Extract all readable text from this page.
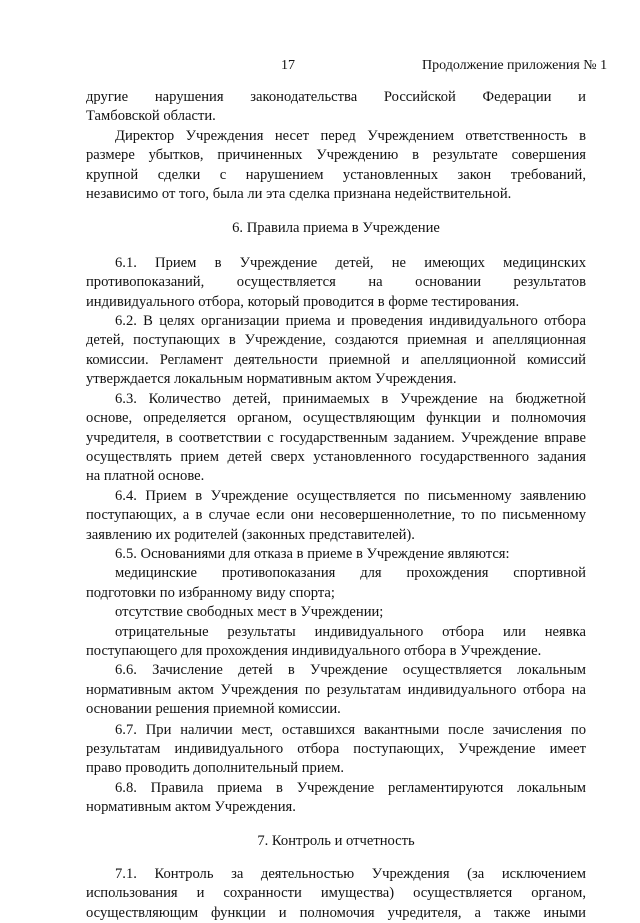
17	Продолжение приложения № 1
другие нарушения законодательства Российской Федерации и
Тамбовской области.
Директор Учреждения несет перед Учреждением ответственность в
размере убытков, причиненных Учреждению в результате совершения
крупной сделки с нарушением установленных закон требований,
независимо от того, была ли эта сделка признана недействительной.
6. Правила приема в Учреждение
6.1. Прием в Учреждение детей, не имеющих медицинских
противопоказаний, осуществляется на основании результатов
индивидуального отбора, который проводится в форме тестирования.
6.2. В целях организации приема и проведения индивидуального отбора
детей, поступающих в Учреждение, создаются приемная и апелляционная
комиссии. Регламент деятельности приемной и апелляционной комиссий
утверждается локальным нормативным актом Учреждения.
6.3. Количество детей, принимаемых в Учреждение на бюджетной
основе, определяется органом, осуществляющим функции и полномочия
учредителя, в соответствии с государственным заданием. Учреждение вправе
осуществлять прием детей сверх установленного государственного задания
на платной основе.
6.4. Прием в Учреждение осуществляется по письменному заявлению
поступающих, а в случае если они несовершеннолетние, то по письменному
заявлению их родителей (законных представителей).
6.5. Основаниями для отказа в приеме в Учреждение являются:
медицинские противопоказания для прохождения спортивной
подготовки по избранному виду спорта;
отсутствие свободных мест в Учреждении;
отрицательные результаты индивидуального отбора или неявка
поступающего для прохождения индивидуального отбора в Учреждение.
6.6. Зачисление детей в Учреждение осуществляется локальным
нормативным актом Учреждения по результатам индивидуального отбора на
основании решения приемной комиссии.
6.7. При наличии мест, оставшихся вакантными после зачисления по
результатам индивидуального отбора поступающих, Учреждение имеет
право проводить дополнительный прием.
6.8. Правила приема в Учреждение регламентируются локальным
нормативным актом Учреждения.
7. Контроль и отчетность
7.1. Контроль за деятельностью Учреждения (за исключением
использования и сохранности имущества) осуществляется органом,
осуществляющим функции и полномочия учредителя, а также иными
